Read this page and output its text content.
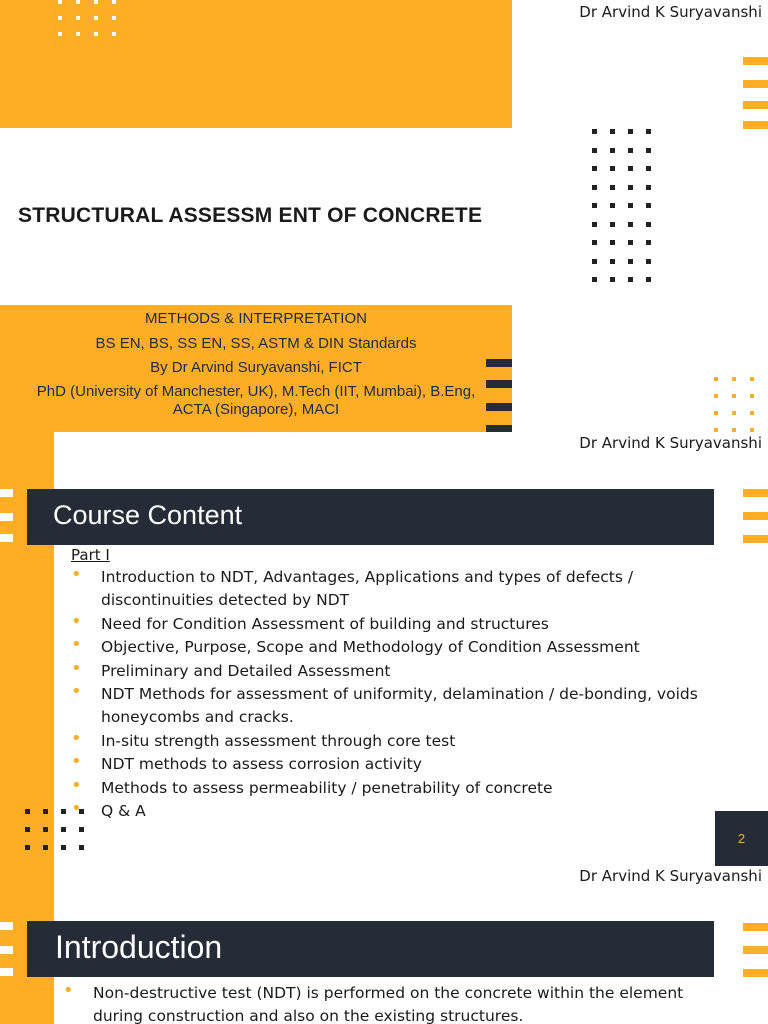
Dr Arvind K Suryavanshi
STRUCTURAL ASSESSM ENT OF CONCRETE
METHODS & INTERPRETATION
BS EN, BS, SS EN, SS, ASTM & DIN Standards
By Dr Arvind Suryavanshi, FICT
PhD (University of Manchester, UK), M.Tech (IIT, Mumbai), B.Eng, ACTA (Singapore), MACI
Dr Arvind K Suryavanshi
Course Content
Part I
• Introduction to NDT, Advantages, Applications and types of defects / discontinuities detected by NDT
• Need for Condition Assessment of building and structures
• Objective, Purpose, Scope and Methodology of Condition Assessment
• Preliminary and Detailed Assessment
• NDT Methods for assessment of uniformity, delamination / de-bonding, voids honeycombs and cracks.
• In-situ strength assessment through core test
• NDT methods to assess corrosion activity
• Methods to assess permeability / penetrability of concrete
• Q & A
2
Dr Arvind K Suryavanshi
Introduction
• Non-destructive test (NDT) is performed on the concrete within the element during construction and also on the existing structures.
